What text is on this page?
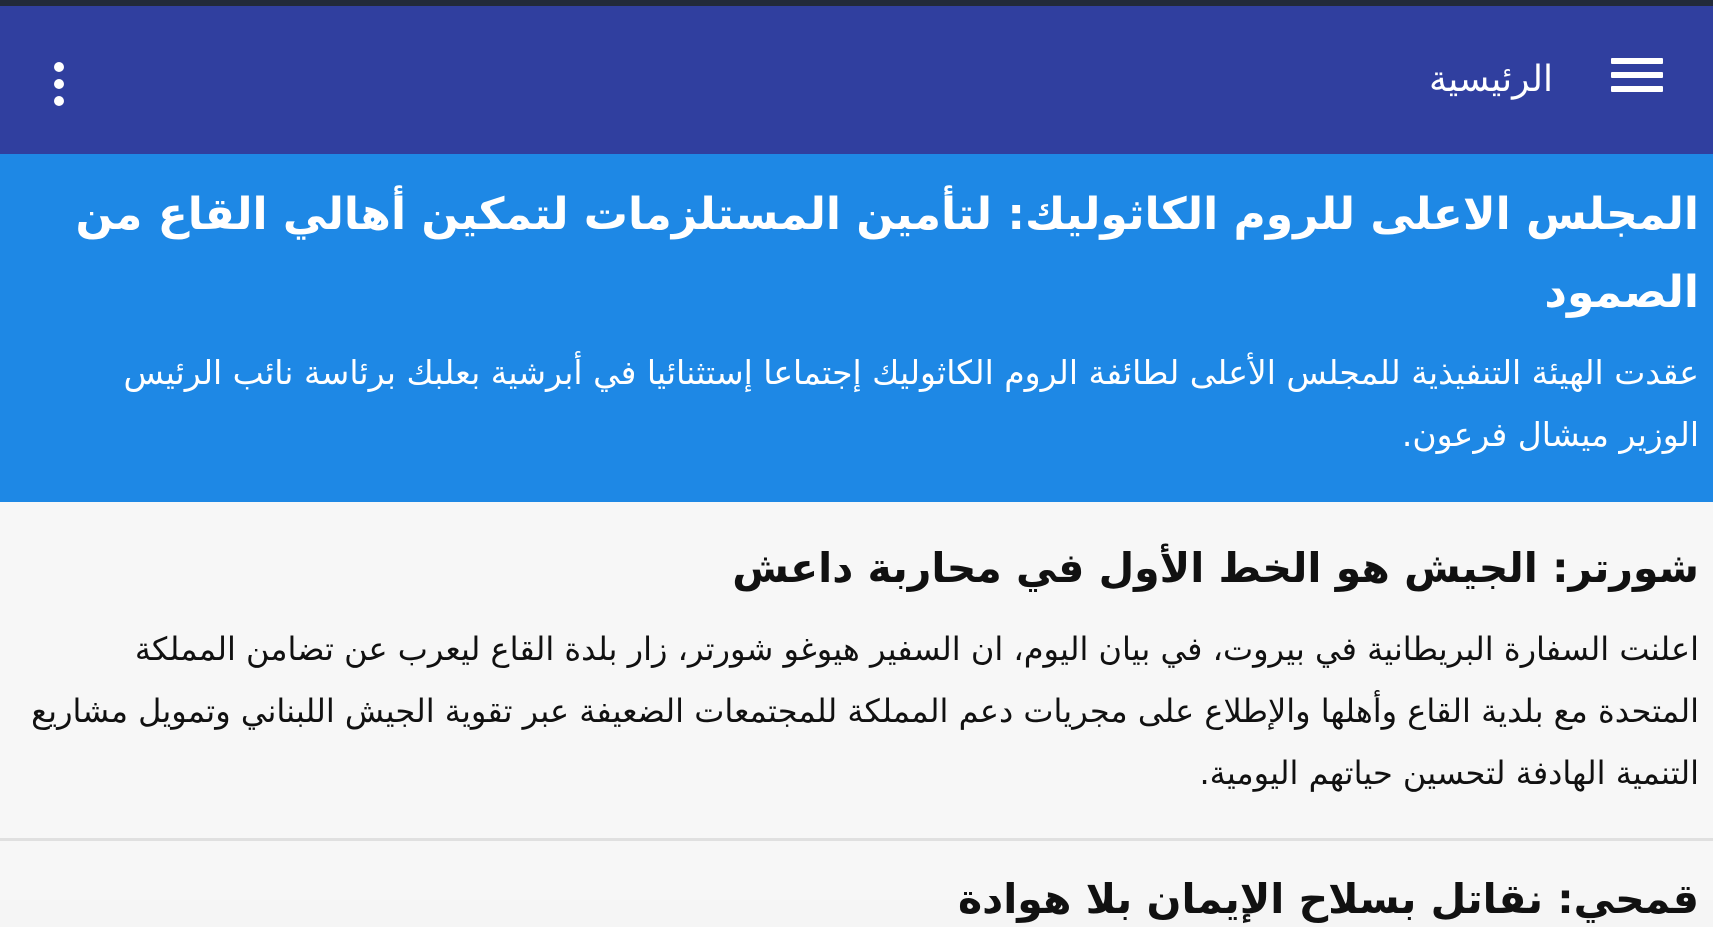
الرئيسية
المجلس الاعلى للروم الكاثوليك: لتأمين المستلزمات لتمكين أهالي القاع من الصمود

عقدت الهيئة التنفيذية للمجلس الأعلى لطائفة الروم الكاثوليك إجتماعا إستثنائيا في أبرشية بعلبك برئاسة نائب الرئيس الوزير ميشال فرعون.

شورتر: الجيش هو الخط الأول في محاربة داعش

اعلنت السفارة البريطانية في بيروت، في بيان اليوم، ان السفير هيوغو شورتر، زار بلدة القاع ليعرب عن تضامن المملكة المتحدة مع بلدية القاع وأهلها والإطلاع على مجريات دعم المملكة للمجتمعات الضعيفة عبر تقوية الجيش اللبناني وتمويل مشاريع التنمية الهادفة لتحسين حياتهم اليومية.

قمحي: نقاتل بسلاح الإيمان بلا هوادة
